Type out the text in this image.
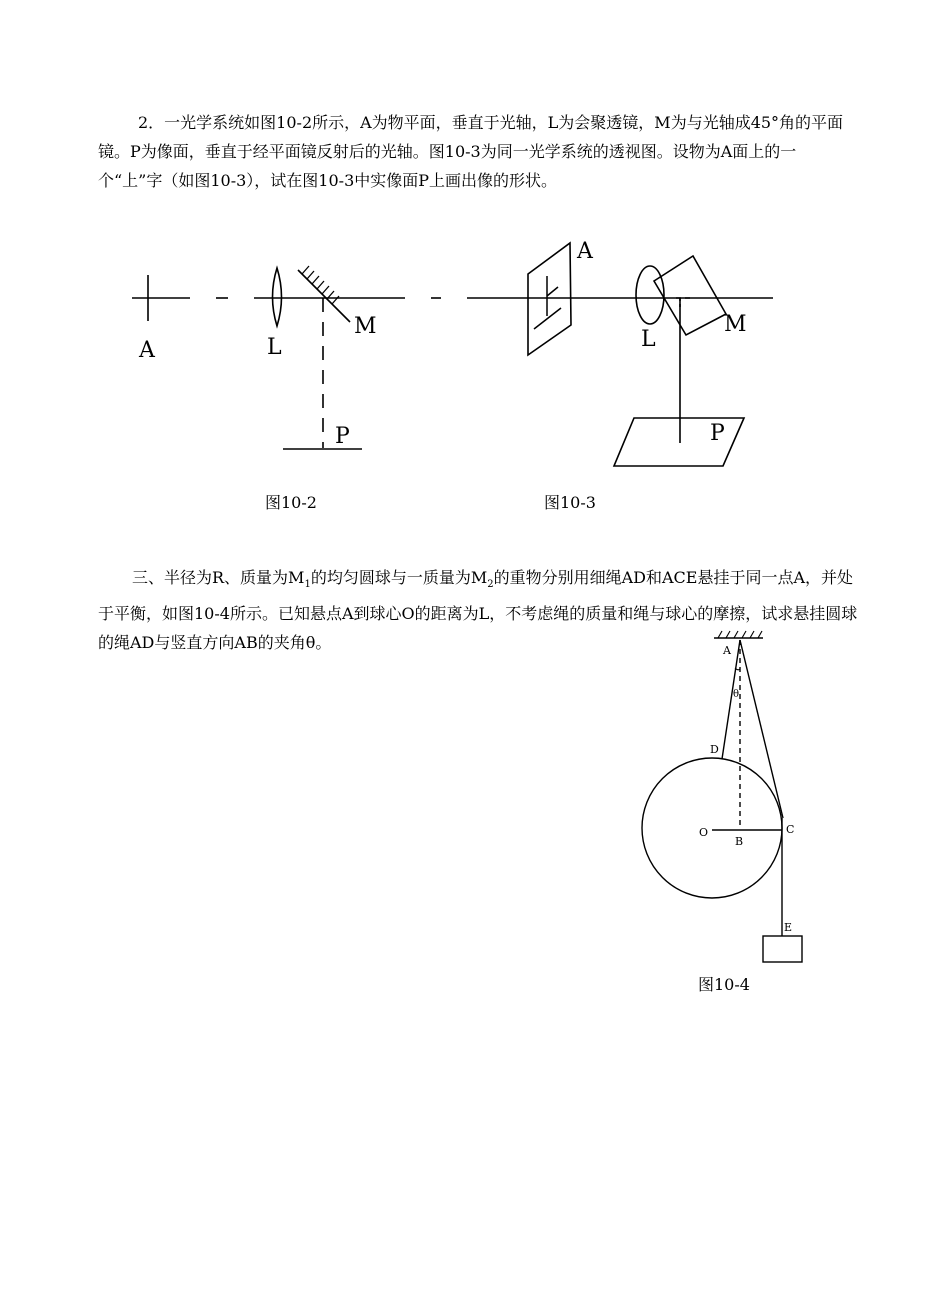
2．一光学系统如图10-2所示，A为物平面，垂直于光轴，L为会聚透镜，M为与光轴成45°角的平面镜。P为像面，垂直于经平面镜反射后的光轴。图10-3为同一光学系统的透视图。设物为A面上的一个“上”字（如图10-3），试在图10-3中实像面P上画出像的形状。

A	L
M
P
A
L
M
P
图10-2	图10-3

三、半径为R、质量为$M_1$的均匀圆球与一质量为$M_2$的重物分别用细绳AD和ACE悬挂于同一点A，并处于平衡，如图10-4所示。已知悬点A到球心O的距离为L，不考虑绳的质量和绳与球心的摩擦，试求悬挂圆球的绳AD与竖直方向AB的夹角θ。	A
θ
D
O
B
C
E
图10-4
